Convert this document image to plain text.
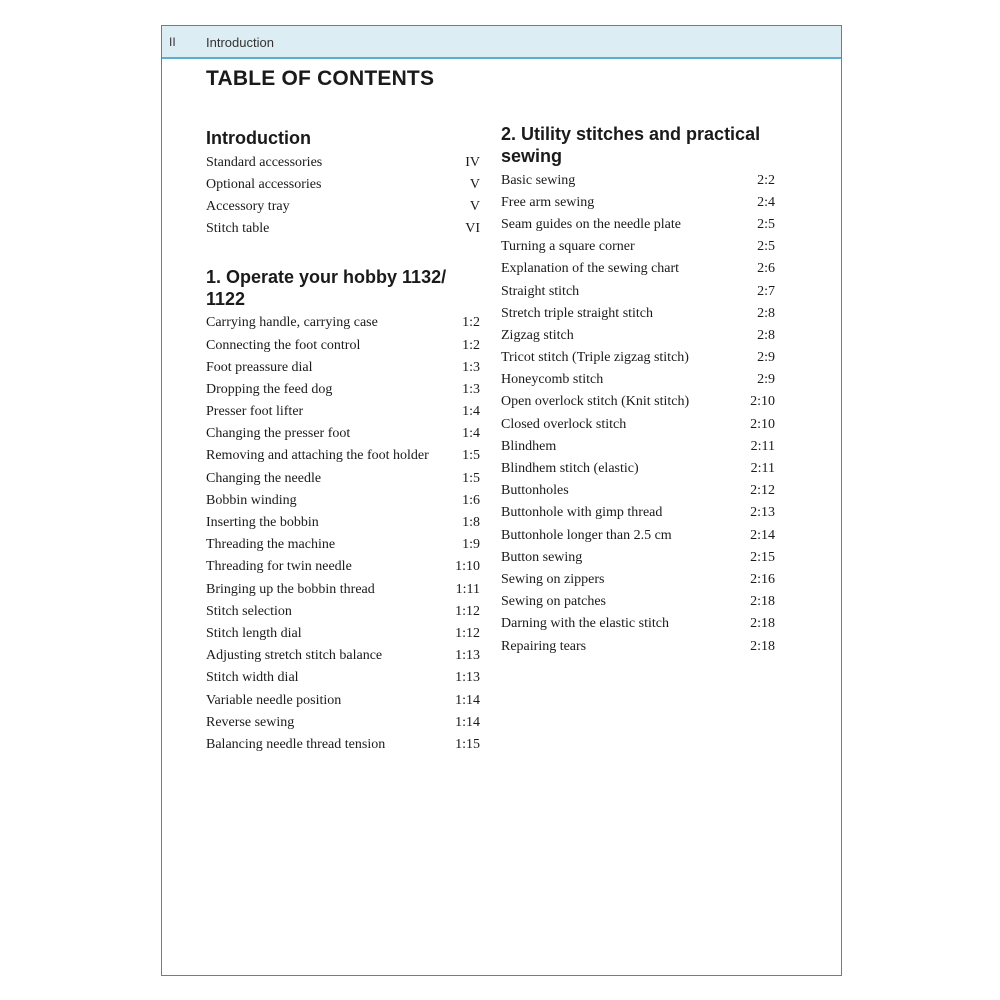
II Introduction
TABLE OF CONTENTS
Introduction
Standard accessories	IV
Optional accessories	V
Accessory tray	V
Stitch table	VI
1. Operate your hobby 1132/ 1122
Carrying handle, carrying case	1:2
Connecting the foot control	1:2
Foot preassure dial	1:3
Dropping the feed dog	1:3
Presser foot lifter	1:4
Changing the presser foot	1:4
Removing and attaching the foot holder	1:5
Changing the needle	1:5
Bobbin winding	1:6
Inserting the bobbin	1:8
Threading the machine	1:9
Threading for twin needle	1:10
Bringing up the bobbin thread	1:11
Stitch selection	1:12
Stitch length dial	1:12
Adjusting stretch stitch balance	1:13
Stitch width dial	1:13
Variable needle position	1:14
Reverse sewing	1:14
Balancing needle thread tension	1:15
2. Utility stitches and practical sewing
Basic sewing	2:2
Free arm sewing	2:4
Seam guides on the needle plate	2:5
Turning a square corner	2:5
Explanation of the sewing chart	2:6
Straight stitch	2:7
Stretch triple straight stitch	2:8
Zigzag stitch	2:8
Tricot stitch (Triple zigzag stitch)	2:9
Honeycomb stitch	2:9
Open overlock stitch (Knit stitch)	2:10
Closed overlock stitch	2:10
Blindhem	2:11
Blindhem stitch (elastic)	2:11
Buttonholes	2:12
Buttonhole with gimp thread	2:13
Buttonhole longer than 2.5 cm	2:14
Button sewing	2:15
Sewing on zippers	2:16
Sewing on patches	2:18
Darning with the elastic stitch	2:18
Repairing tears	2:18
